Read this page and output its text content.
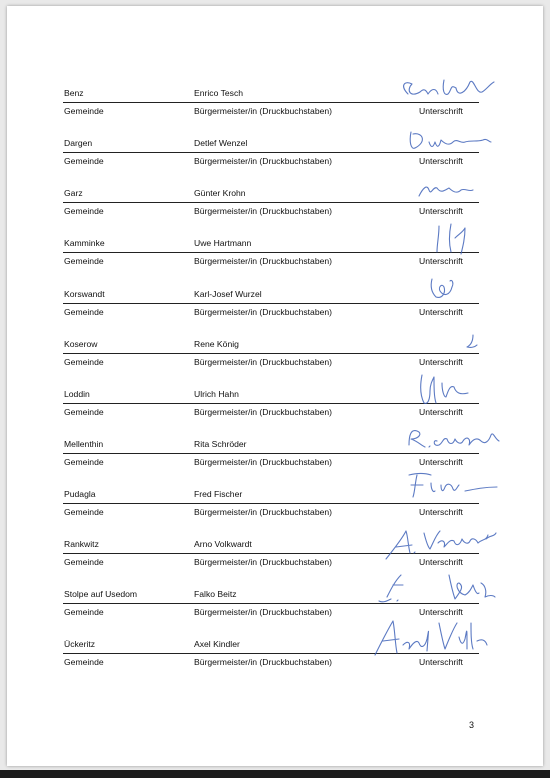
Benz	Enrico Tesch
Gemeinde	Bürgermeister/in (Druckbuchstaben)	Unterschrift
Dargen	Detlef Wenzel
Gemeinde	Bürgermeister/in (Druckbuchstaben)	Unterschrift
Garz	Günter Krohn
Gemeinde	Bürgermeister/in (Druckbuchstaben)	Unterschrift
Kamminke	Uwe Hartmann
Gemeinde	Bürgermeister/in (Druckbuchstaben)	Unterschrift
Korswandt	Karl-Josef Wurzel
Gemeinde	Bürgermeister/in (Druckbuchstaben)	Unterschrift
Koserow	Rene König
Gemeinde	Bürgermeister/in (Druckbuchstaben)	Unterschrift
Loddin	Ulrich Hahn
Gemeinde	Bürgermeister/in (Druckbuchstaben)	Unterschrift
Mellenthin	Rita Schröder
Gemeinde	Bürgermeister/in (Druckbuchstaben)	Unterschrift
Pudagla	Fred Fischer
Gemeinde	Bürgermeister/in (Druckbuchstaben)	Unterschrift
Rankwitz	Arno Volkwardt
Gemeinde	Bürgermeister/in (Druckbuchstaben)	Unterschrift
Stolpe auf Usedom	Falko Beitz
Gemeinde	Bürgermeister/in (Druckbuchstaben)	Unterschrift
Ückeritz	Axel Kindler
Gemeinde	Bürgermeister/in (Druckbuchstaben)	Unterschrift
3
